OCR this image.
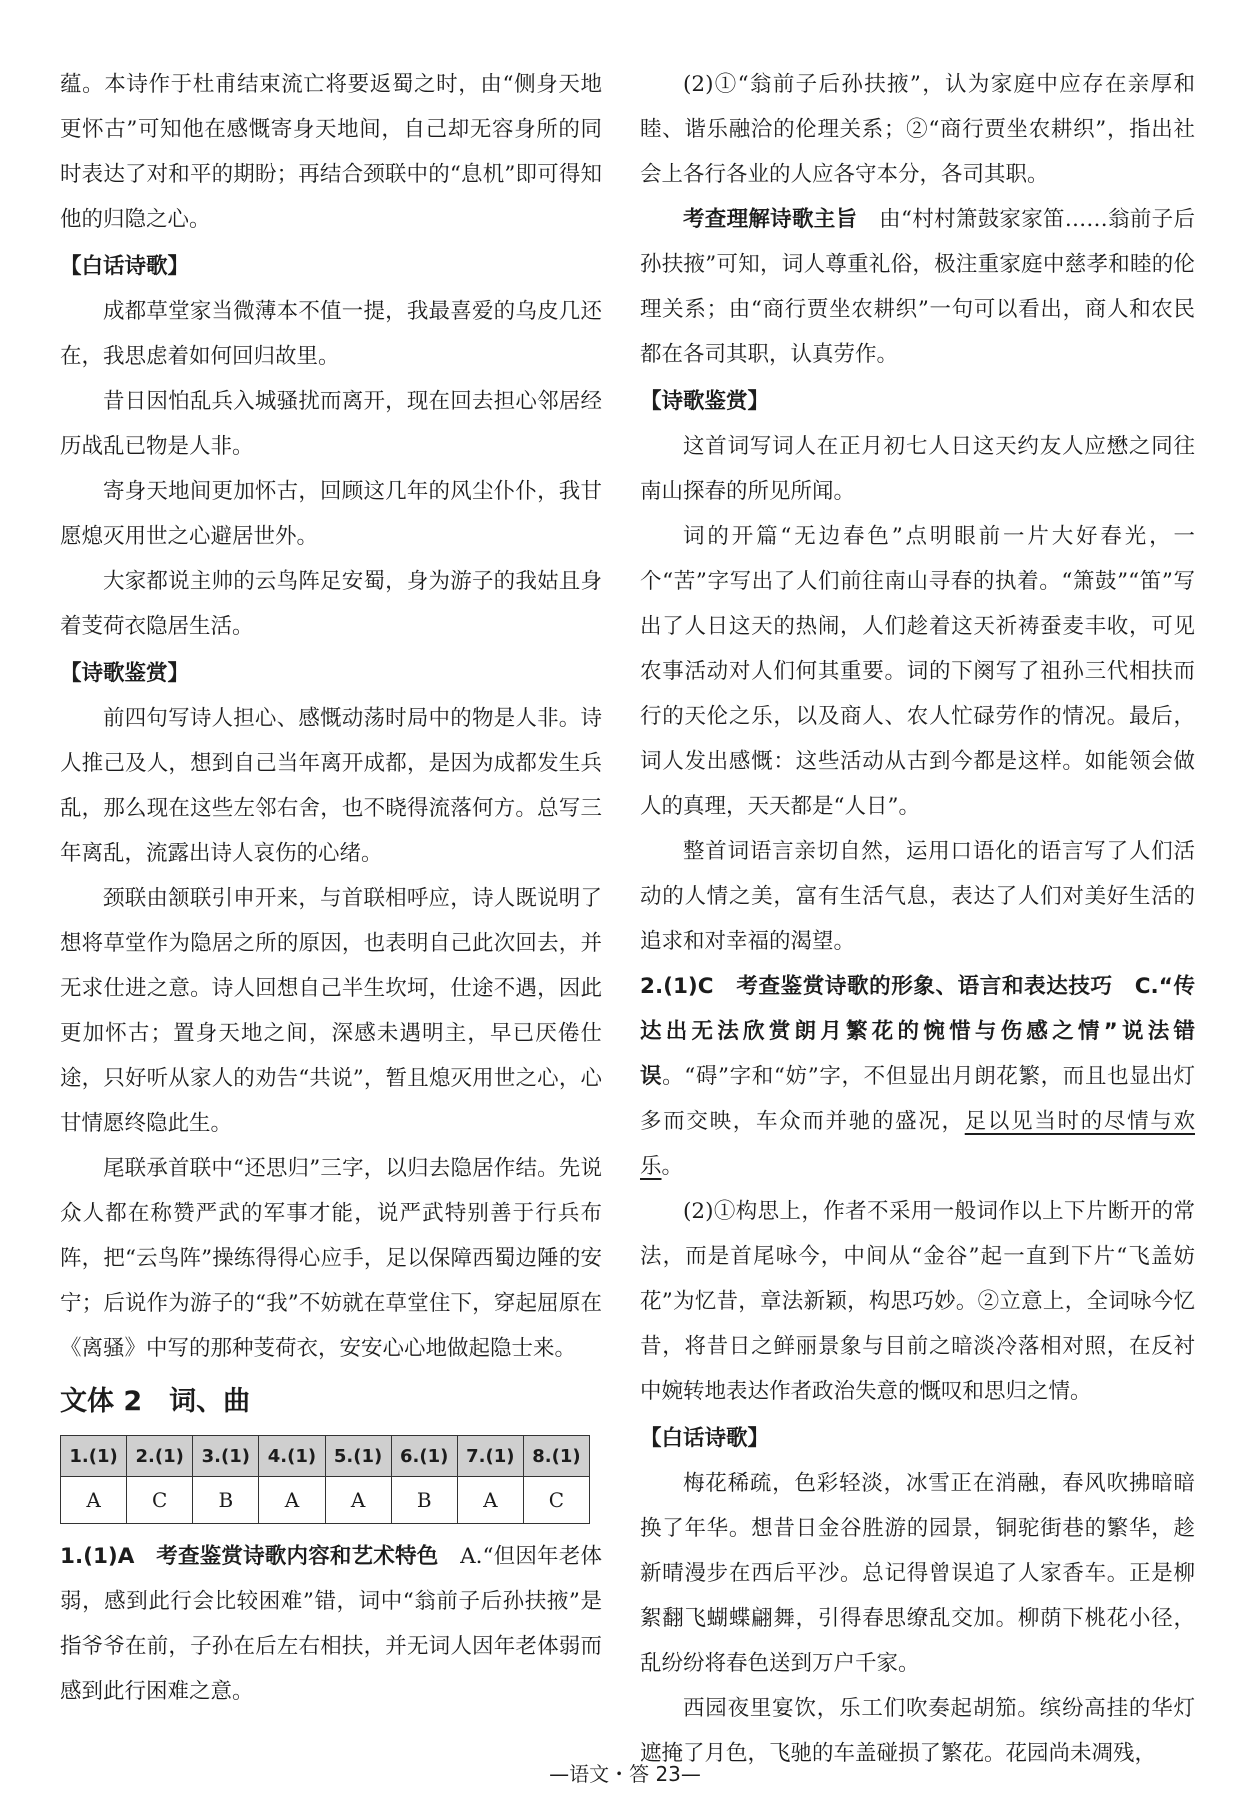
蕴。本诗作于杜甫结束流亡将要返蜀之时，由“侧身天地更怀古”可知他在感慨寄身天地间，自己却无容身所的同时表达了对和平的期盼；再结合颈联中的“息机”即可得知他的归隐之心。

【白话诗歌】

成都草堂家当微薄本不值一提，我最喜爱的乌皮几还在，我思虑着如何回归故里。

昔日因怕乱兵入城骚扰而离开，现在回去担心邻居经历战乱已物是人非。

寄身天地间更加怀古，回顾这几年的风尘仆仆，我甘愿熄灭用世之心避居世外。

大家都说主帅的云鸟阵足安蜀，身为游子的我姑且身着芰荷衣隐居生活。

【诗歌鉴赏】

前四句写诗人担心、感慨动荡时局中的物是人非。诗人推己及人，想到自己当年离开成都，是因为成都发生兵乱，那么现在这些左邻右舍，也不晓得流落何方。总写三年离乱，流露出诗人哀伤的心绪。

颈联由颔联引申开来，与首联相呼应，诗人既说明了想将草堂作为隐居之所的原因，也表明自己此次回去，并无求仕进之意。诗人回想自己半生坎坷，仕途不遇，因此更加怀古；置身天地之间，深感未遇明主，早已厌倦仕途，只好听从家人的劝告“共说”，暂且熄灭用世之心，心甘情愿终隐此生。

尾联承首联中“还思归”三字，以归去隐居作结。先说众人都在称赞严武的军事才能，说严武特别善于行兵布阵，把“云鸟阵”操练得得心应手，足以保障西蜀边陲的安宁；后说作为游子的“我”不妨就在草堂住下，穿起屈原在《离骚》中写的那种芰荷衣，安安心心地做起隐士来。

文体 2　词、曲
1.(1)	2.(1)	3.(1)	4.(1)	5.(1)	6.(1)	7.(1)	8.(1)
A	C	B	A	A	B	A	C

1.(1)A　 考查鉴赏诗歌内容和艺术特色　 A.“但因年老体弱，感到此行会比较困难”错，词中“翁前子后孙扶掖”是指爷爷在前，子孙在后左右相扶，并无词人因年老体弱而感到此行困难之意。

(2)①“翁前子后孙扶掖”，认为家庭中应存在亲厚和睦、谐乐融洽的伦理关系；②“商行贾坐农耕织”，指出社会上各行各业的人应各守本分，各司其职。

考查理解诗歌主旨　 由“村村箫鼓家家笛……翁前子后孙扶掖”可知，词人尊重礼俗，极注重家庭中慈孝和睦的伦理关系；由“商行贾坐农耕织”一句可以看出，商人和农民都在各司其职，认真劳作。

【诗歌鉴赏】

这首词写词人在正月初七人日这天约友人应懋之同往南山探春的所见所闻。

词的开篇“无边春色”点明眼前一片大好春光，一个“苦”字写出了人们前往南山寻春的执着。“箫鼓”“笛”写出了人日这天的热闹，人们趁着这天祈祷蚕麦丰收，可见农事活动对人们何其重要。词的下阕写了祖孙三代相扶而行的天伦之乐，以及商人、农人忙碌劳作的情况。最后，词人发出感慨：这些活动从古到今都是这样。如能领会做人的真理，天天都是“人日”。

整首词语言亲切自然，运用口语化的语言写了人们活动的人情之美，富有生活气息，表达了人们对美好生活的追求和对幸福的渴望。

2.(1)C　 考查鉴赏诗歌的形象、语言和表达技巧　 C.“传达出无法欣赏朗月繁花的惋惜与伤感之情”说法错误。“碍”字和“妨”字，不但显出月朗花繁，而且也显出灯多而交映，车众而并驰的盛况，足以见当时的尽情与欢乐。

(2)①构思上，作者不采用一般词作以上下片断开的常法，而是首尾咏今，中间从“金谷”起一直到下片“飞盖妨花”为忆昔，章法新颖，构思巧妙。②立意上，全词咏今忆昔，将昔日之鲜丽景象与目前之暗淡冷落相对照，在反衬中婉转地表达作者政治失意的慨叹和思归之情。

【白话诗歌】

梅花稀疏，色彩轻淡，冰雪正在消融，春风吹拂暗暗换了年华。想昔日金谷胜游的园景，铜驼街巷的繁华，趁新晴漫步在西后平沙。总记得曾误追了人家香车。正是柳絮翻飞蝴蝶翩舞，引得春思缭乱交加。柳荫下桃花小径，乱纷纷将春色送到万户千家。

西园夜里宴饮，乐工们吹奏起胡笳。缤纷高挂的华灯遮掩了月色，飞驰的车盖碰损了繁花。花园尚未凋残，

—语文・答 23—
